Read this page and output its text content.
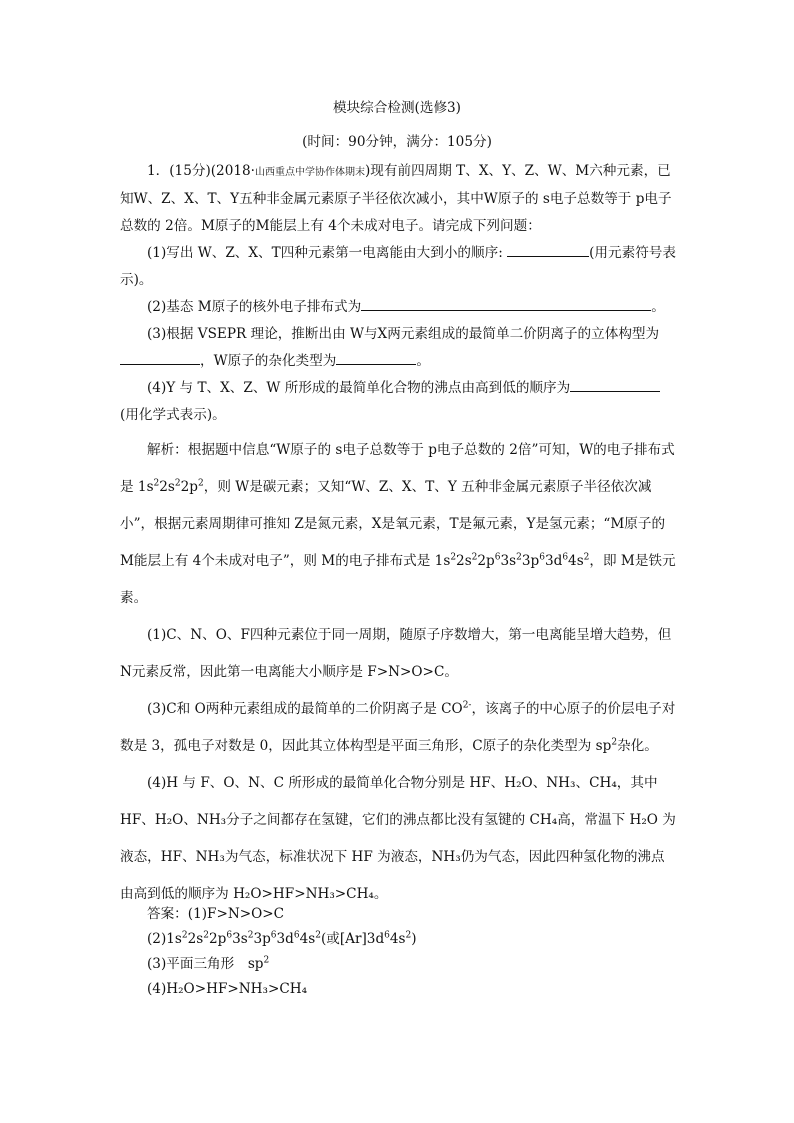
模块综合检测(选修3)
(时间：90分钟，满分：105分)

1．(15分)(2018·山西重点中学协作体期末)现有前四周期 T、X、Y、Z、W、M六种元素，已知W、Z、X、T、Y五种非金属元素原子半径依次减小，其中W原子的 s电子总数等于 p电子总数的 2倍。M原子的M能层上有 4个未成对电子。请完成下列问题：

(1)写出 W、Z、X、T四种元素第一电离能由大到小的顺序:	(用元素符号表示)。

(2)基态 M原子的核外电子排布式为	。

(3)根据 VSEPR 理论，推断出由 W与X两元素组成的最简单二价阴离子的立体构型为
，W原子的杂化类型为	。

(4)Y 与 T、X、Z、W 所形成的最简单化合物的沸点由高到低的顺序为(用化学式表示)。

解析：根据题中信息“W原子的 s电子总数等于 p电子总数的 2倍”可知，W的电子排布式是 $1s^22s^22p^2$，则 W是碳元素；又知“W、Z、X、T、Y 五种非金属元素原子半径依次减小”，根据元素周期律可推知 Z是氮元素，X是氧元素，T是氟元素，Y是氢元素；“M原子的 M能层上有 4个未成对电子”，则 M的电子排布式是 $1s^22s^22p^63s^23p^63d^64s^2$，即 M是铁元素。

(1)C、N、O、F四种元素位于同一周期，随原子序数增大，第一电离能呈增大趋势，但 N元素反常，因此第一电离能大小顺序是 F>N>O>C。

(3)C和 O两种元素组成的最简单的二价阴离子是 $CO^{2-}$，该离子的中心原子的价层电子对数是 3，孤电子对数是 0，因此其立体构型是平面三角形，C原子的杂化类型为 $sp^2$杂化。

(4)H 与 F、O、N、C 所形成的最简单化合物分别是 HF、H₂O、NH₃、CH₄，其中 HF、H₂O、NH₃分子之间都存在氢键，它们的沸点都比没有氢键的 CH₄高，常温下 H₂O 为液态，HF、NH₃为气态，标准状况下 HF 为液态，NH₃仍为气态，因此四种氢化物的沸点由高到低的顺序为 H₂O>HF>NH₃>CH₄。

答案：(1)F>N>O>C

$(2)1s^22s^22p^63s^23p^63d^64s^2$(或$[Ar]3d^64s^2$)

(3)平面三角形　$sp^2$

(4)H₂O>HF>NH₃>CH₄
